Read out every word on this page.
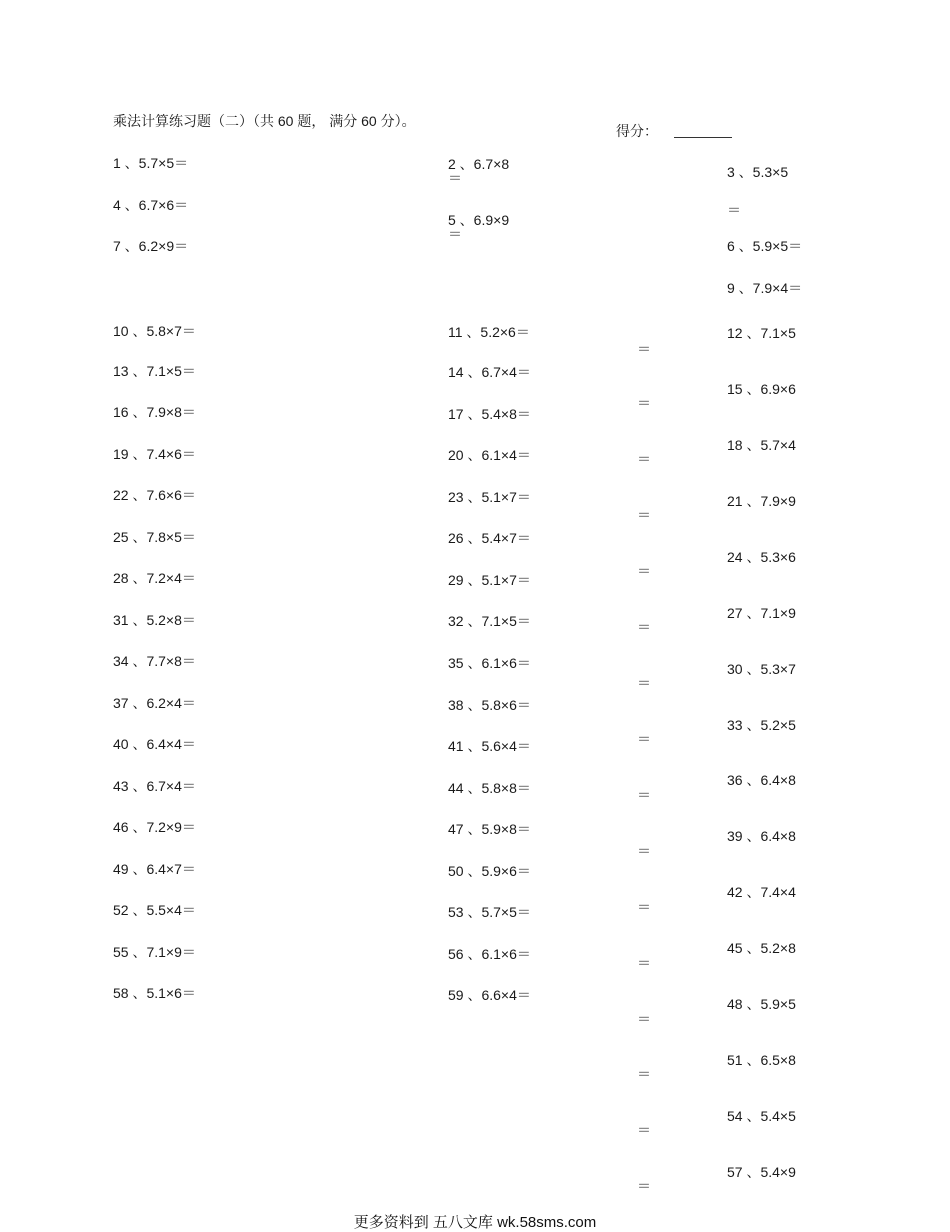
乘法计算练习题（二）（共 60 题， 满分 60 分）。
得分：
1 、5.7×5＝
4 、6.7×6＝
7 、6.2×9＝
10 、5.8×7＝
13 、7.1×5＝
16 、7.9×8＝
19 、7.4×6＝
22 、7.6×6＝
25 、7.8×5＝
28 、7.2×4＝
31 、5.2×8＝
34 、7.7×8＝
37 、6.2×4＝
40 、6.4×4＝
43 、6.7×4＝
46 、7.2×9＝
49 、6.4×7＝
52 、5.5×4＝
55 、7.1×9＝
58 、5.1×6＝
2 、6.7×8
＝
5 、6.9×9
＝
11 、5.2×6＝
14 、6.7×4＝
17 、5.4×8＝
20 、6.1×4＝
23 、5.1×7＝
26 、5.4×7＝
29 、5.1×7＝
32 、7.1×5＝
35 、6.1×6＝
38 、5.8×6＝
41 、5.6×4＝
44 、5.8×8＝
47 、5.9×8＝
50 、5.9×6＝
53 、5.7×5＝
56 、6.1×6＝
59 、6.6×4＝
＝
＝
＝
＝
＝
＝
＝
＝
＝
＝
＝
＝
＝
＝
＝
＝
3 、5.3×5
＝
6 、5.9×5＝
9 、7.9×4＝
12 、7.1×5
15 、6.9×6
18 、5.7×4
21 、7.9×9
24 、5.3×6
27 、7.1×9
30 、5.3×7
33 、5.2×5
36 、6.4×8
39 、6.4×8
42 、7.4×4
45 、5.2×8
48 、5.9×5
51 、6.5×8
54 、5.4×5
57 、5.4×9
更多资料到 五八文库 wk.58sms.com
